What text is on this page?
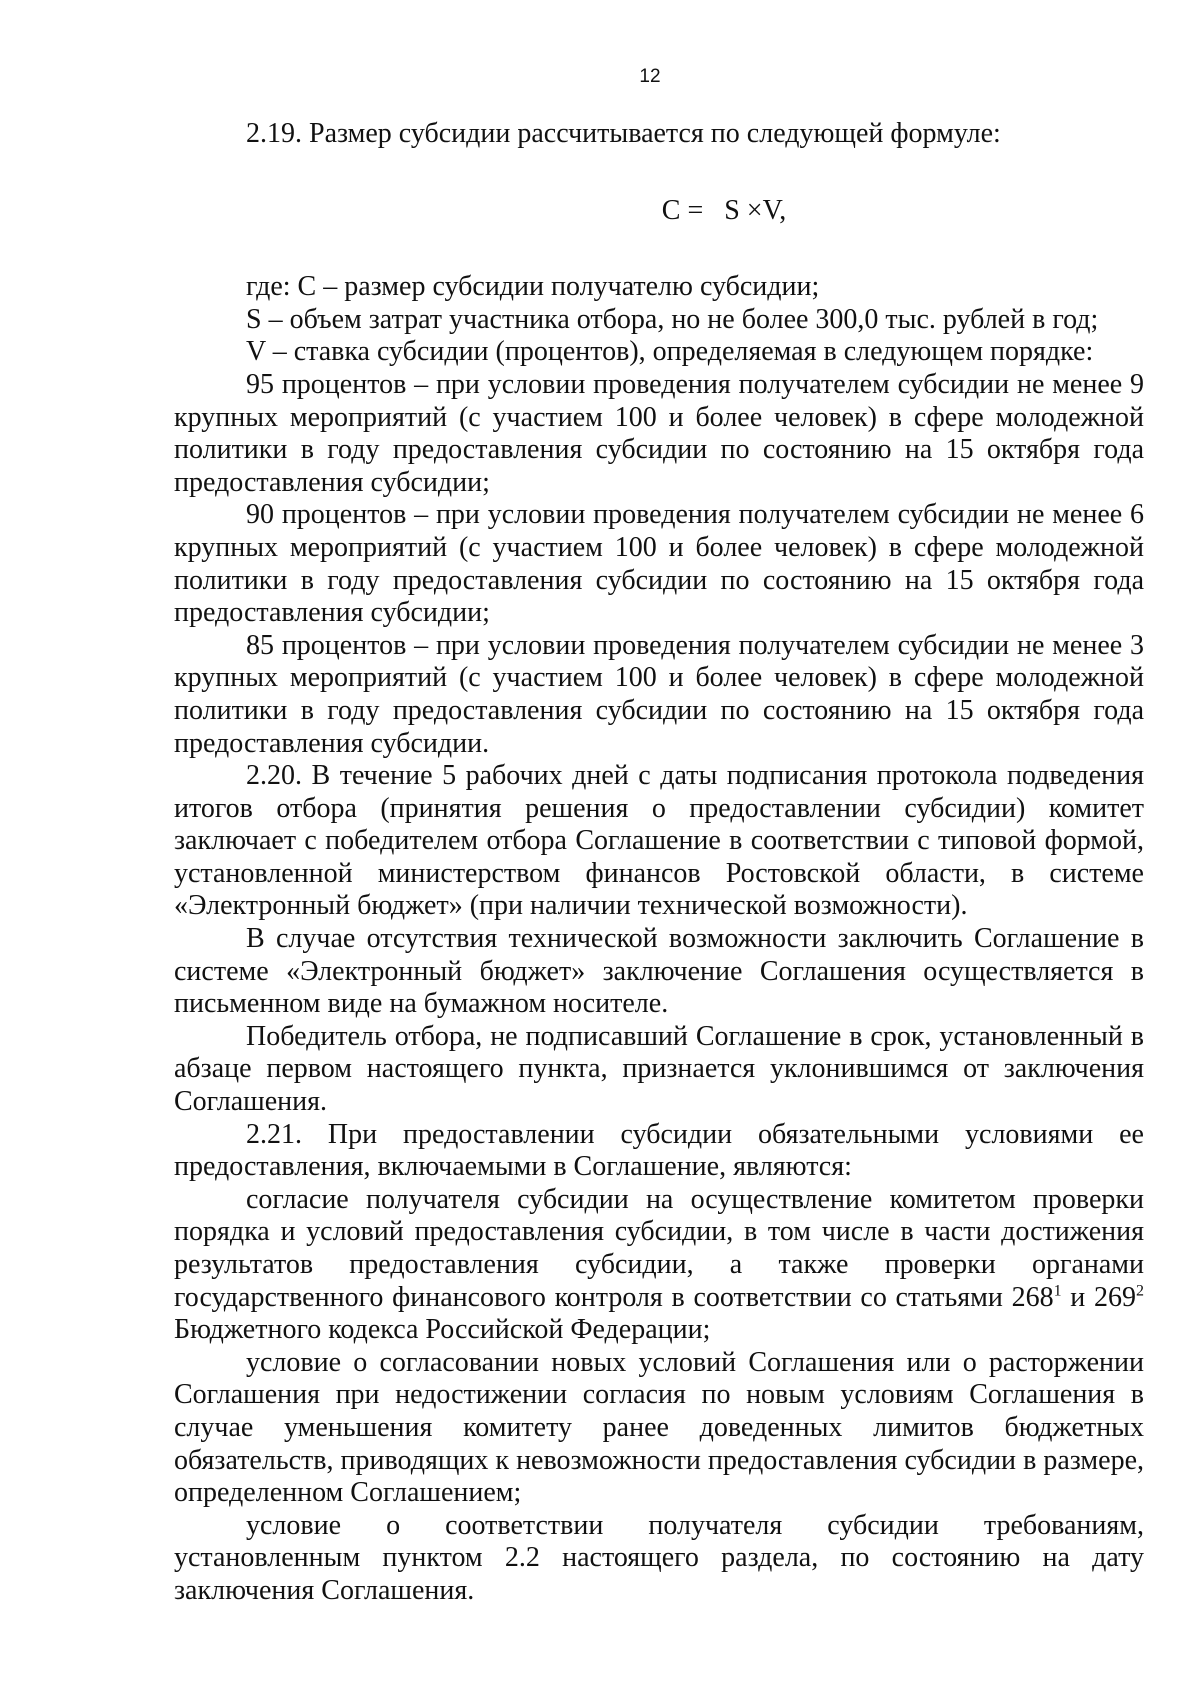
12

2.19. Размер субсидии рассчитывается по следующей формуле:

С =   S ×V,

где: С – размер субсидии получателю субсидии;

S – объем затрат участника отбора, но не более 300,0 тыс. рублей в год;

V – ставка субсидии (процентов), определяемая в следующем порядке:

95 процентов – при условии проведения получателем субсидии не менее 9 крупных мероприятий (с участием 100 и более человек) в сфере молодежной политики в году предоставления субсидии по состоянию на 15 октября года предоставления субсидии;

90 процентов – при условии проведения получателем субсидии не менее 6 крупных мероприятий (с участием 100 и более человек) в сфере молодежной политики в году предоставления субсидии по состоянию на 15 октября года предоставления субсидии;

85 процентов – при условии проведения получателем субсидии не менее 3 крупных мероприятий (с участием 100 и более человек) в сфере молодежной политики в году предоставления субсидии по состоянию на 15 октября года предоставления субсидии.

2.20. В течение 5 рабочих дней с даты подписания протокола подведения итогов отбора (принятия решения о предоставлении субсидии) комитет заключает с победителем отбора Соглашение в соответствии с типовой формой, установленной министерством финансов Ростовской области, в системе «Электронный бюджет» (при наличии технической возможности).

В случае отсутствия технической возможности заключить Соглашение в системе «Электронный бюджет» заключение Соглашения осуществляется в письменном виде на бумажном носителе.

Победитель отбора, не подписавший Соглашение в срок, установленный в абзаце первом настоящего пункта, признается уклонившимся от заключения Соглашения.

2.21. При предоставлении субсидии обязательными условиями ее предоставления, включаемыми в Соглашение, являются:

согласие получателя субсидии на осуществление комитетом проверки порядка и условий предоставления субсидии, в том числе в части достижения результатов предоставления субсидии, а также проверки органами государственного финансового контроля в соответствии со статьями $268^1$ и $269^2$ Бюджетного кодекса Российской Федерации;

условие о согласовании новых условий Соглашения или о расторжении Соглашения при недостижении согласия по новым условиям Соглашения в случае уменьшения комитету ранее доведенных лимитов бюджетных обязательств, приводящих к невозможности предоставления субсидии в размере, определенном Соглашением;

условие о соответствии получателя субсидии требованиям, установленным пунктом 2.2 настоящего раздела, по состоянию на дату заключения Соглашения.
